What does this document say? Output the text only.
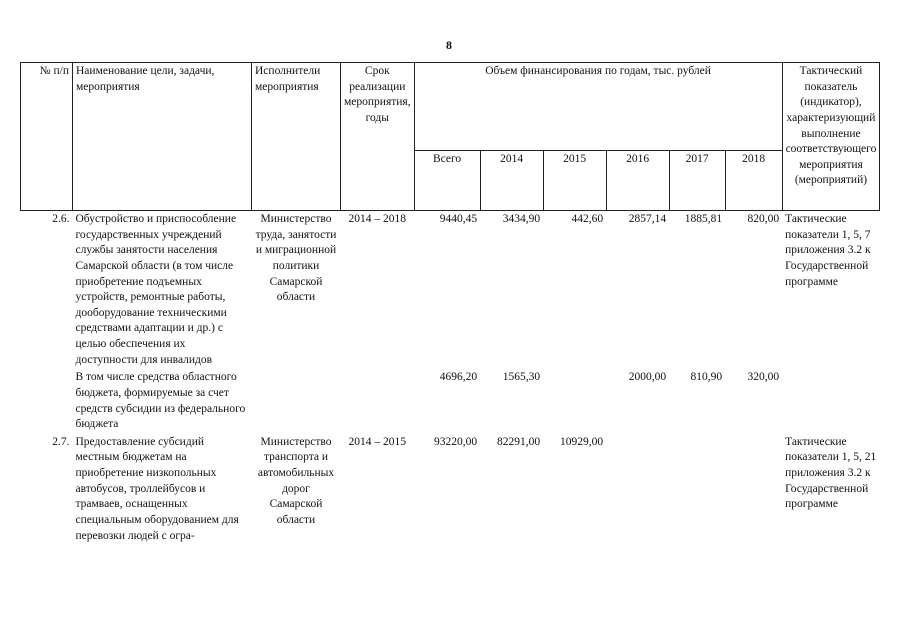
8
№ п/п	Наименование цели, задачи, мероприятия	Исполнители мероприятия	Срок реализации мероприятия, годы	Объем финансирования по годам, тыс. рублей						Тактический показатель (индикатор), характеризующий выполнение соответствующего мероприятия (мероприятий)
				Всего	2014	2015	2016	2017	2018	
2.6.	Обустройство и приспособление государственных учреждений службы занятости населения Самарской области (в том числе приобретение подъемных устройств, ремонтные работы, дооборудование техническими средствами адаптации и др.) с целью обеспечения их доступности для инвалидов	Министерство труда, занятости и миграционной политики Самарской области	2014 – 2018	9440,45	3434,90	442,60	2857,14	1885,81	820,00	Тактические показатели 1, 5, 7 приложения 3.2 к Государственной программе
	В том числе средства областного бюджета, формируемые за счет средств субсидии из федерального бюджета			4696,20	1565,30		2000,00	810,90	320,00	
2.7.	Предоставление субсидий местным бюджетам на приобретение низкопольных автобусов, троллейбусов и трамваев, оснащенных специальным оборудованием для перевозки людей с огра-	Министерство транспорта и автомобильных дорог Самарской области	2014 – 2015	93220,00	82291,00	10929,00				Тактические показатели 1, 5, 21 приложения 3.2 к Государственной программе
